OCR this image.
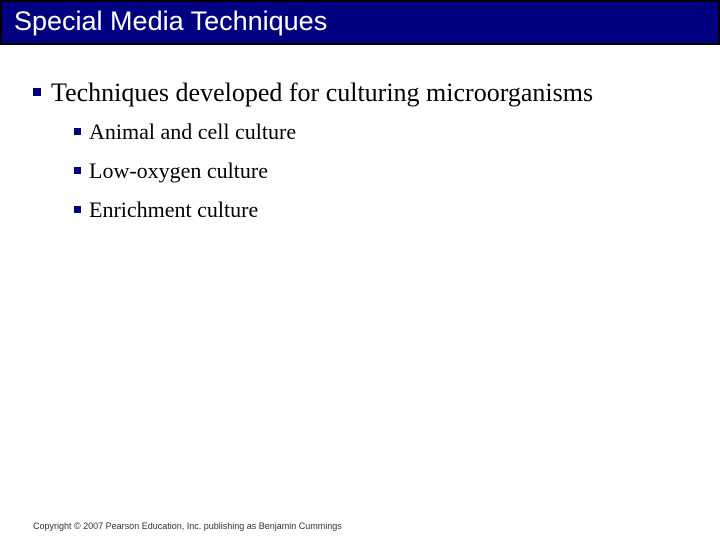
Special Media Techniques
Techniques developed for culturing microorganisms
Animal and cell culture
Low-oxygen culture
Enrichment culture
Copyright © 2007 Pearson Education, Inc. publishing as Benjamin Cummings
